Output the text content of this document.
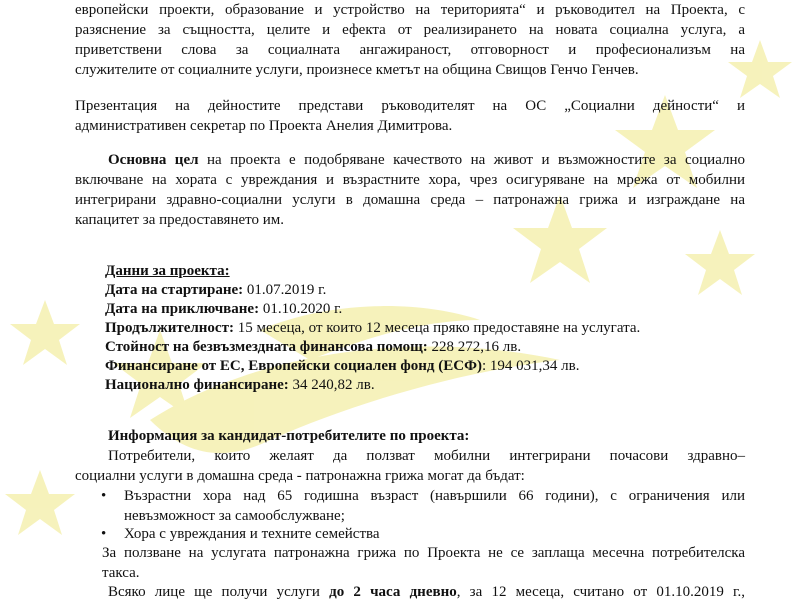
европейски проекти, образование и устройство на територията“ и ръководител на Проекта, с
разяснение за същността, целите и ефекта от реализирането на новата социална услуга, а
приветствени слова за социалната ангажираност, отговорност и професионализъм на
служителите от социалните услуги, произнесе кметът на община Свищов Генчо Генчев.
Презентация на дейностите представи ръководителят на ОС „Социални дейности“ и
административен секретар по Проекта Анелия Димитрова.
Основна цел на проекта е подобряване качеството на живот и възможностите за социално
включване на хората с увреждания и възрастните хора, чрез осигуряване на мрежа от мобилни
интегрирани здравно-социални услуги в домашна среда – патронажна грижа и изграждане на
капацитет за предоставянето им.
Данни за проекта:
Дата на стартиране: 01.07.2019 г.
Дата на приключване: 01.10.2020 г.
Продължителност: 15 месеца, от които 12 месеца пряко предоставяне на услугата.
Стойност на безвъзмездната финансова помощ: 228 272,16 лв.
Финансиране от ЕС, Европейски социален фонд (ЕСФ): 194 031,34 лв.
Национално финансиране: 34 240,82 лв.
Информация за кандидат-потребителите по проекта:
Потребители, които желаят да ползват мобилни интегрирани почасови здравно–
социални услуги в домашна среда - патронажна грижа могат да бъдат:
• Възрастни хора над 65 годишна възраст (навършили 66 години), с ограничения или
невъзможност за самообслужване;
• Хора с увреждания и техните семейства
За ползване на услугата патронажна грижа по Проекта не се заплаща месечна потребителска
такса.
Всяко лице ще получи услуги до 2 часа дневно, за 12 месеца, считано от 01.10.2019 г.,
